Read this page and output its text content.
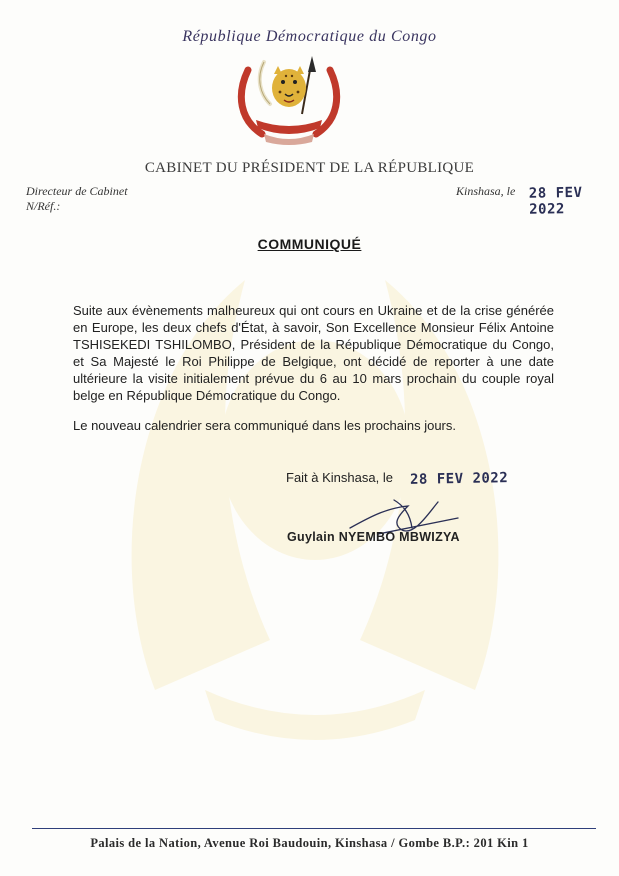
République Démocratique du Congo
CABINET DU PRÉSIDENT DE LA RÉPUBLIQUE
Directeur de Cabinet
N/Réf.:
Kinshasa, le 28 FEV 2022
COMMUNIQUÉ

Suite aux évènements malheureux qui ont cours en Ukraine et de la crise générée en Europe, les deux chefs d'État, à savoir, Son Excellence Monsieur Félix Antoine TSHISEKEDI TSHILOMBO, Président de la République Démocratique du Congo, et Sa Majesté le Roi Philippe de Belgique, ont décidé de reporter à une date ultérieure la visite initialement prévue du 6 au 10 mars prochain du couple royal belge en République Démocratique du Congo.

Le nouveau calendrier sera communiqué dans les prochains jours.

Fait à Kinshasa, le 28 FEV 2022
Guylain NYEMBO MBWIZYA
Palais de la Nation, Avenue Roi Baudouin, Kinshasa / Gombe B.P.: 201 Kin 1
